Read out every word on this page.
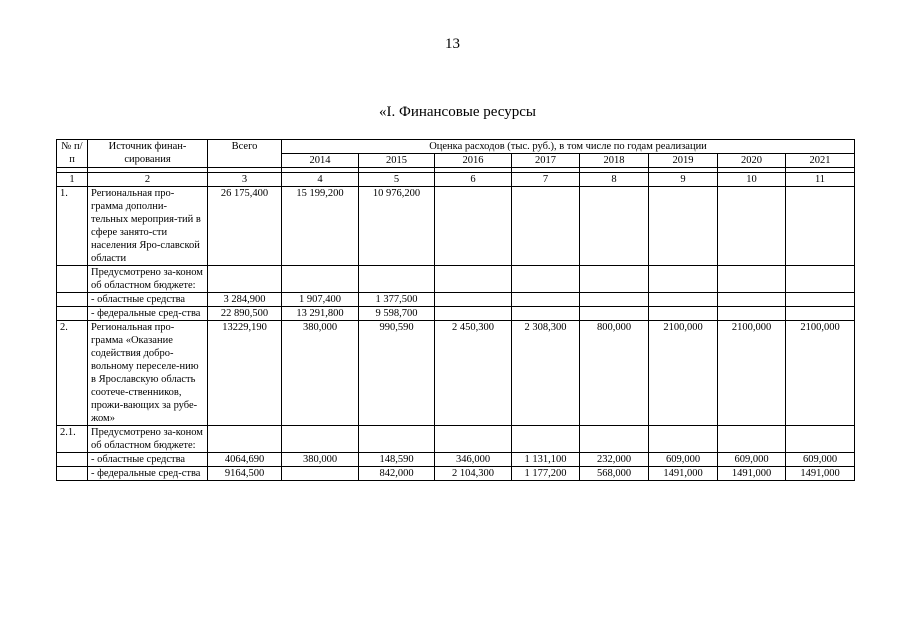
13
«I. Финансовые ресурсы
№ п/п	Источник финан-сирования	Всего	Оценка расходов (тыс. руб.), в том числе по годам реализации							
			2014	2015	2016	2017	2018	2019	2020	2021

1	2	3	4	5	6	7	8	9	10	11
1.	Региональная про-грамма дополни-тельных мероприя-тий в сфере занято-сти населения Яро-славской области	26 175,400	15 199,200	10 976,200						
	Предусмотрено за-коном об областном бюджете:									
	- областные средства	3 284,900	1 907,400	1 377,500						
	- федеральные сред-ства	22 890,500	13 291,800	9 598,700						
2.	Региональная про-грамма «Оказание содействия добро-вольному переселе-нию в Ярославскую область соотече-ственников, прожи-вающих за рубе-жом»	13229,190	380,000	990,590	2 450,300	2 308,300	800,000	2100,000	2100,000	2100,000
2.1.	Предусмотрено за-коном об областном бюджете:									
	- областные средства	4064,690	380,000	148,590	346,000	1 131,100	232,000	609,000	609,000	609,000
	- федеральные сред-ства	9164,500		842,000	2 104,300	1 177,200	568,000	1491,000	1491,000	1491,000
